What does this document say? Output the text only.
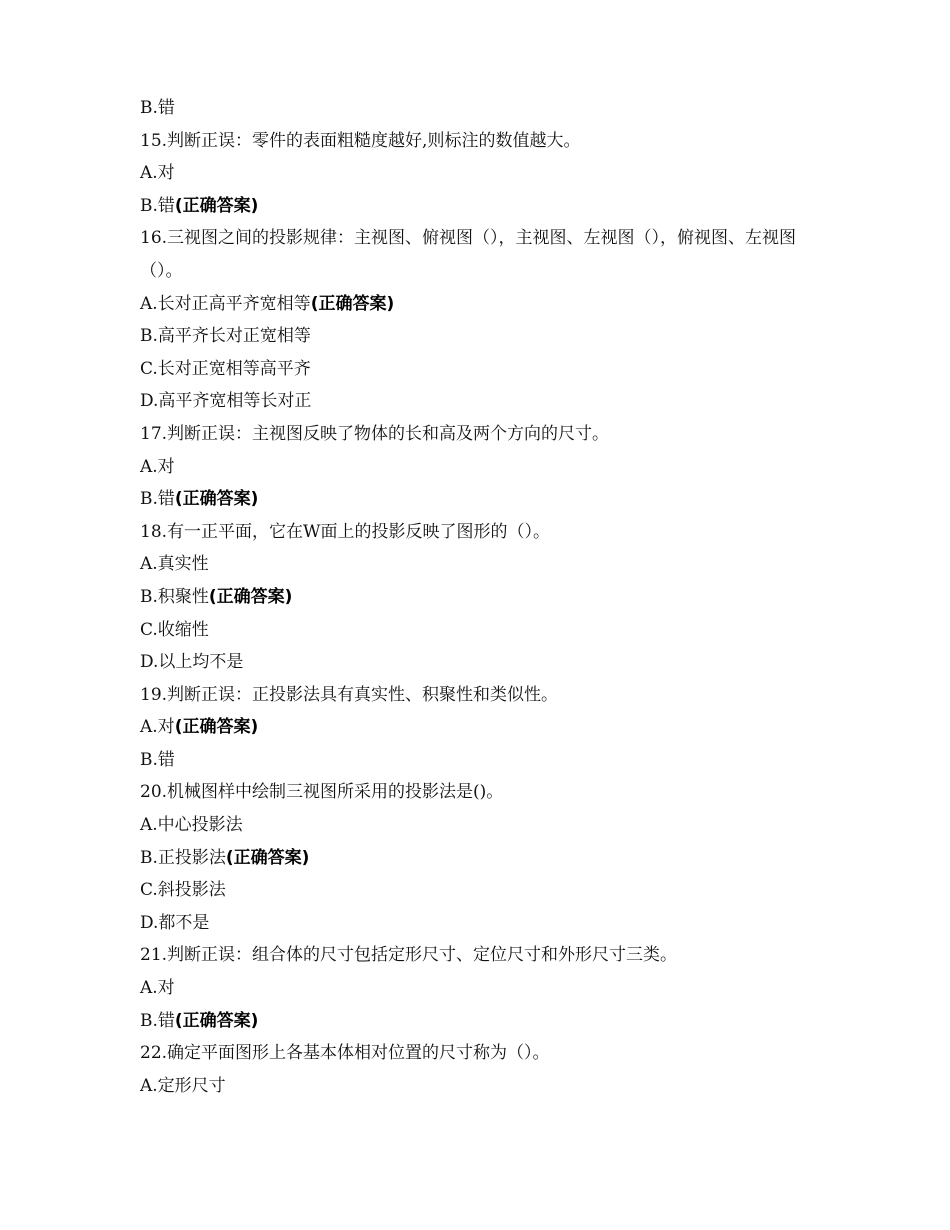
B.错
15.判断正误：零件的表面粗糙度越好,则标注的数值越大。
A.对
B.错(正确答案)
16.三视图之间的投影规律：主视图、俯视图（），主视图、左视图（），俯视图、左视图（）。
A.长对正高平齐宽相等(正确答案)
B.高平齐长对正宽相等
C.长对正宽相等高平齐
D.高平齐宽相等长对正
17.判断正误：主视图反映了物体的长和高及两个方向的尺寸。
A.对
B.错(正确答案)
18.有一正平面，它在W面上的投影反映了图形的（）。
A.真实性
B.积聚性(正确答案)
C.收缩性
D.以上均不是
19.判断正误：正投影法具有真实性、积聚性和类似性。
A.对(正确答案)
B.错
20.机械图样中绘制三视图所采用的投影法是()。
A.中心投影法
B.正投影法(正确答案)
C.斜投影法
D.都不是
21.判断正误：组合体的尺寸包括定形尺寸、定位尺寸和外形尺寸三类。
A.对
B.错(正确答案)
22.确定平面图形上各基本体相对位置的尺寸称为（）。
A.定形尺寸
